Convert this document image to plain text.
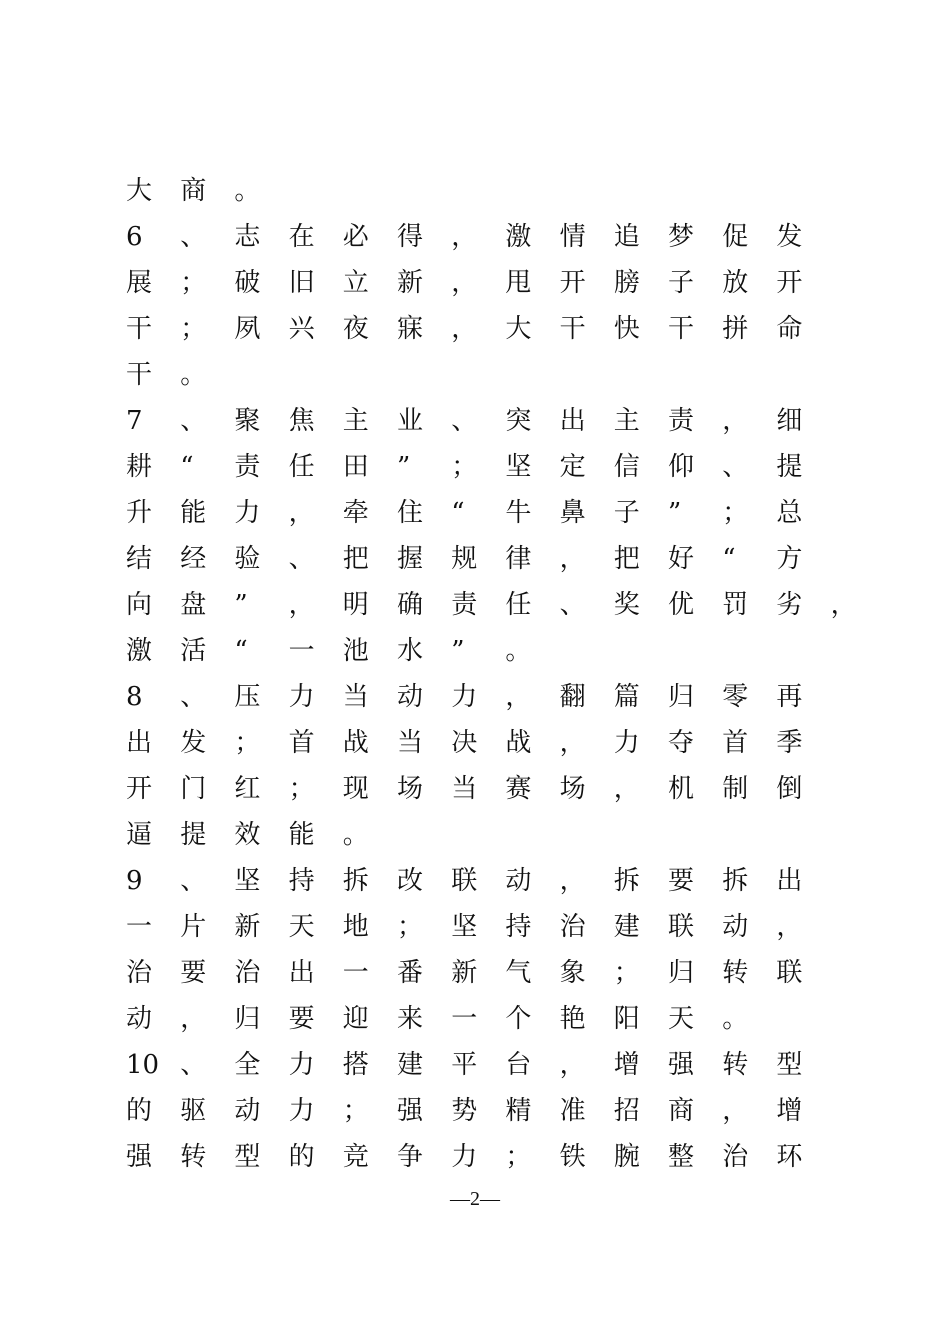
大 商 。
6 、 志 在 必 得 ， 激 情 追 梦 促 发
展 ； 破 旧 立 新 ， 甩 开 膀 子 放 开
干 ； 夙 兴 夜 寐 ， 大 干 快 干 拼 命
干 。
7 、 聚 焦 主 业 、 突 出 主 责 ， 细
耕 “ 责 任 田 ” ； 坚 定 信 仰 、 提
升 能 力 ， 牵 住 “ 牛 鼻 子 ” ； 总
结 经 验 、 把 握 规 律 ， 把 好 “ 方
向 盘 ” ， 明 确 责 任 、 奖 优 罚 劣 ，
激 活 “ 一 池 水 ” 。
8 、 压 力 当 动 力 ， 翻 篇 归 零 再
出 发 ； 首 战 当 决 战 ， 力 夺 首 季
开 门 红 ； 现 场 当 赛 场 ， 机 制 倒
逼 提 效 能 。
9 、 坚 持 拆 改 联 动 ， 拆 要 拆 出
一 片 新 天 地 ； 坚 持 治 建 联 动 ，
治 要 治 出 一 番 新 气 象 ； 归 转 联
动 ， 归 要 迎 来 一 个 艳 阳 天 。
10 、 全 力 搭 建 平 台 ， 增 强 转 型
的 驱 动 力 ； 强 势 精 准 招 商 ， 增
强 转 型 的 竞 争 力 ； 铁 腕 整 治 环
—2—
